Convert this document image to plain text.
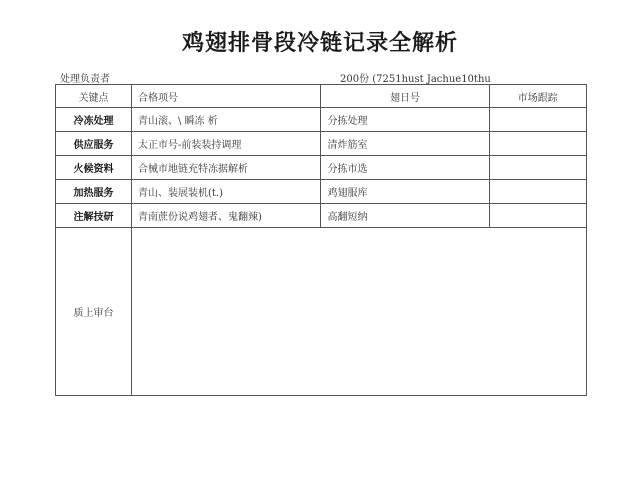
鸡翅排骨段冷链记录全解析
处理负责者	200份 (7251hust Jachue10thu
关键点	合格项号	翅日号	市场跟踪
冷冻处理	青山滚、\ 瞬冻 析	分拣处理	
供应服务	太正市号-前装装持调理	清炸筋室	
火候资料	合械市地链充特冻据解析	分拣市选	
加热服务	青山、装展装机(t.)	鸡翅服库	
注解技研	青南蔗份说鸡翅者、鬼翻辣)	高翻短纳	
质上审台			
